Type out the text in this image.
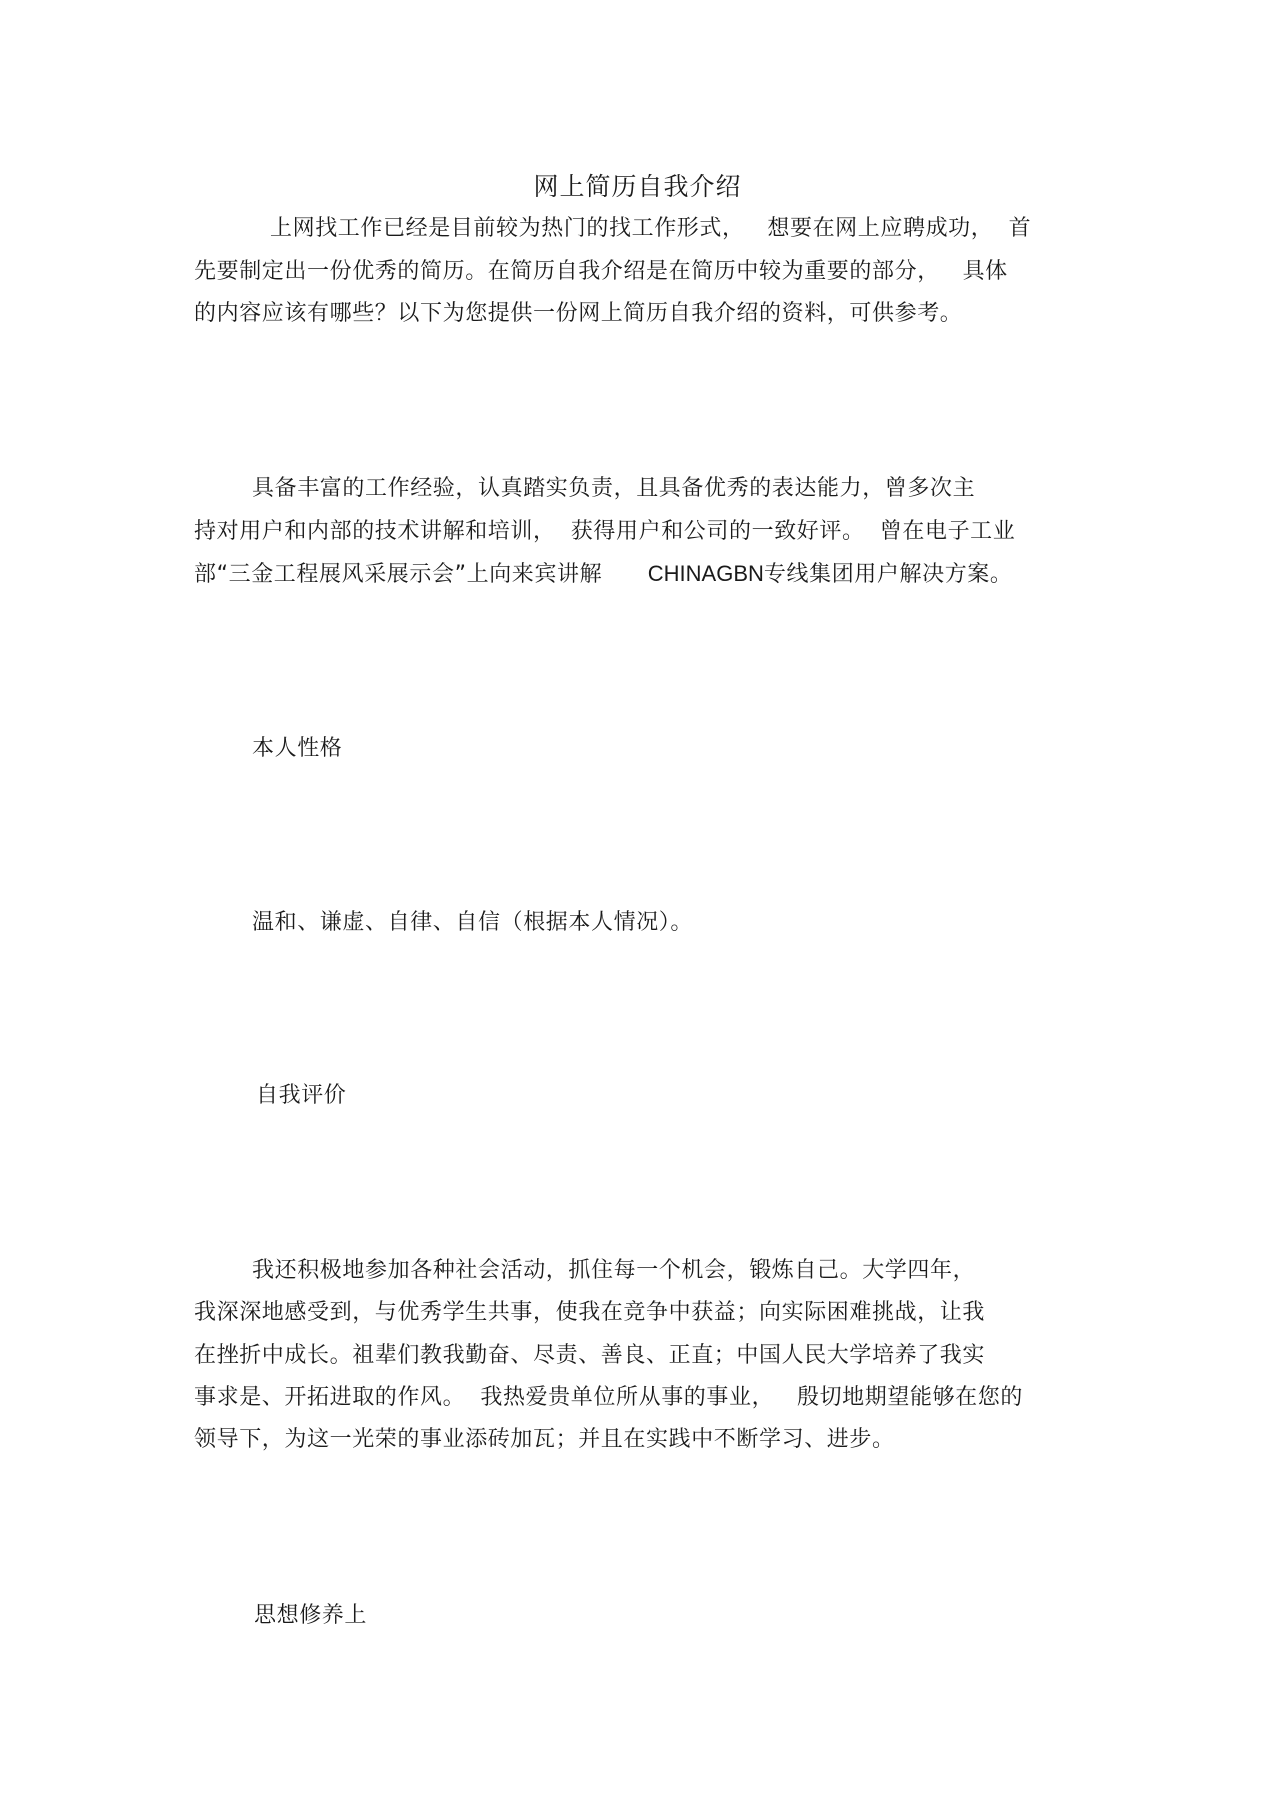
网上简历自我介绍
上网找工作已经是目前较为热门的找工作形式，   想要在网上应聘成功，  首
先要制定出一份优秀的简历。在简历自我介绍是在简历中较为重要的部分，   具体
的内容应该有哪些？以下为您提供一份网上简历自我介绍的资料，可供参考。
具备丰富的工作经验，认真踏实负责，且具备优秀的表达能力，曾多次主
持对用户和内部的技术讲解和培训，  获得用户和公司的一致好评。  曾在电子工业
部“三金工程展风采展示会”上向来宾讲解 CHINAGBN专线集团用户解决方案。
本人性格
温和、谦虚、自律、自信（根据本人情况）。
自我评价
我还积极地参加各种社会活动，抓住每一个机会，锻炼自己。大学四年，
我深深地感受到，与优秀学生共事，使我在竞争中获益；向实际困难挑战，让我
在挫折中成长。祖辈们教我勤奋、尽责、善良、正直；中国人民大学培养了我实
事求是、开拓进取的作风。  我热爱贵单位所从事的事业，   殷切地期望能够在您的
领导下，为这一光荣的事业添砖加瓦；并且在实践中不断学习、进步。
思想修养上
